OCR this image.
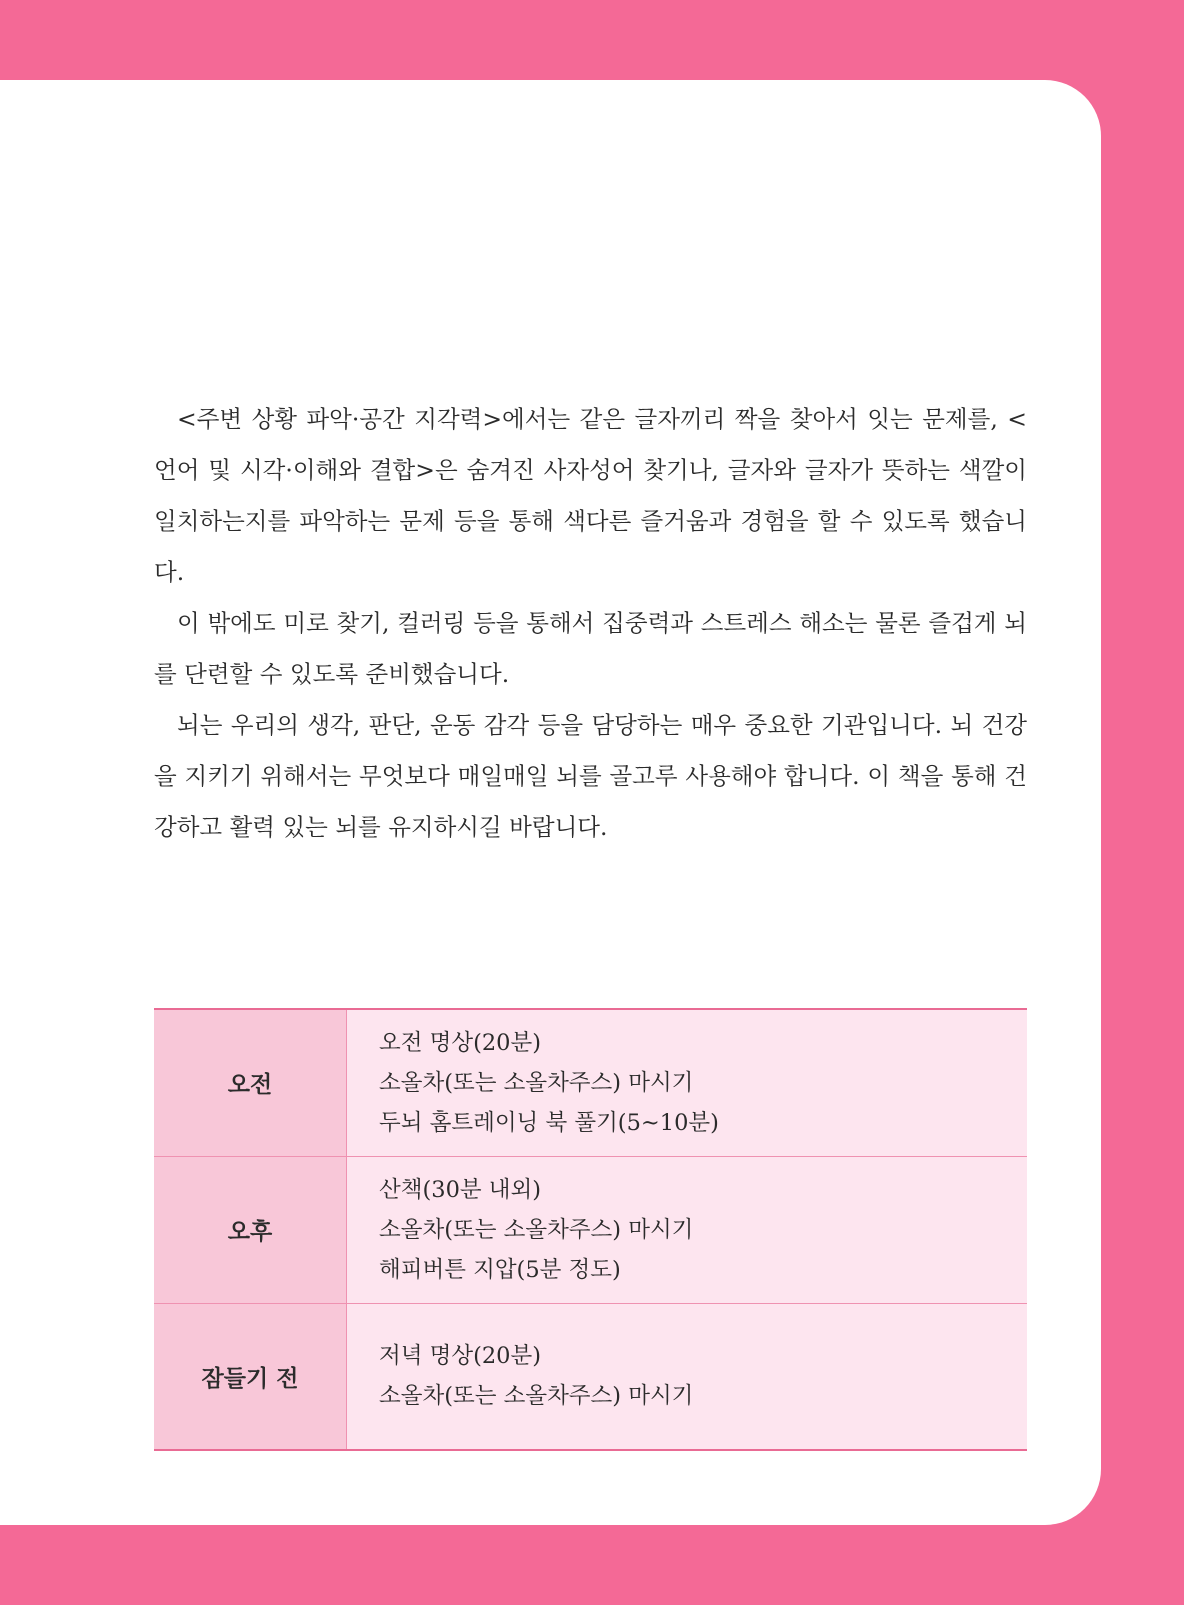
<주변 상황 파악·공간 지각력>에서는 같은 글자끼리 짝을 찾아서 잇는 문제를, <언어 및 시각·이해와 결합>은 숨겨진 사자성어 찾기나, 글자와 글자가 뜻하는 색깔이 일치하는지를 파악하는 문제 등을 통해 색다른 즐거움과 경험을 할 수 있도록 했습니다.

이 밖에도 미로 찾기, 컬러링 등을 통해서 집중력과 스트레스 해소는 물론 즐겁게 뇌를 단련할 수 있도록 준비했습니다.

뇌는 우리의 생각, 판단, 운동 감각 등을 담당하는 매우 중요한 기관입니다. 뇌 건강을 지키기 위해서는 무엇보다 매일매일 뇌를 골고루 사용해야 합니다. 이 책을 통해 건강하고 활력 있는 뇌를 유지하시길 바랍니다.

오전	오전 명상(20분)
소올차(또는 소올차주스) 마시기
두뇌 홈트레이닝 북 풀기(5~10분)

오후	산책(30분 내외)
소올차(또는 소올차주스) 마시기
해피버튼 지압(5분 정도)

잠들기 전	저녁 명상(20분)
소올차(또는 소올차주스) 마시기
